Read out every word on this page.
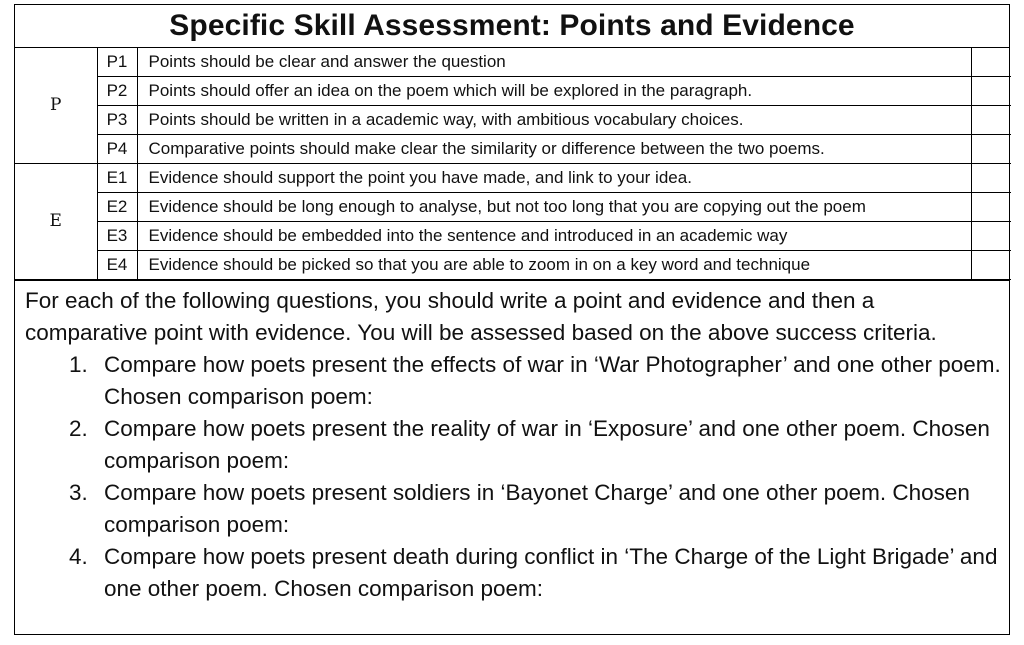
Specific Skill Assessment: Points and Evidence
P	P1	Points should be clear and answer the question	
	P2	Points should offer an idea on the poem which will be explored in the paragraph.	
	P3	Points should be written in a academic way, with ambitious vocabulary choices.	
	P4	Comparative points should make clear the similarity or difference between the two poems.	
E	E1	Evidence should support the point you have made, and link to your idea.	
	E2	Evidence should be long enough to analyse, but not too long that you are copying out the poem	
	E3	Evidence should be embedded into the sentence and introduced in an academic way	
	E4	Evidence should be picked so that you are able to zoom in on a key word and technique	

For each of the following questions, you should write a point and evidence and then a comparative point with evidence. You will be assessed based on the above success criteria.

1. Compare how poets present the effects of war in ‘War Photographer’ and one other poem. Chosen comparison poem:
2. Compare how poets present the reality of war in ‘Exposure’ and one other poem. Chosen comparison poem:
3. Compare how poets present soldiers in ‘Bayonet Charge’ and one other poem. Chosen comparison poem:
4. Compare how poets present death during conflict in ‘The Charge of the Light Brigade’ and one other poem. Chosen comparison poem:
